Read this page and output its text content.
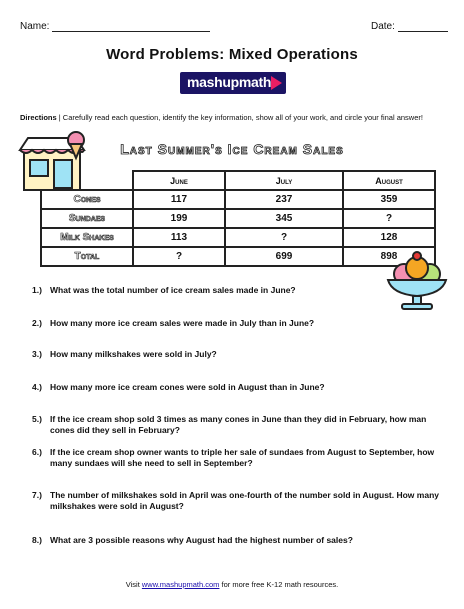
Name:	Date:
Word Problems: Mixed Operations
mashupmath
Directions | Carefully read each question, identify the key information, show all of your work, and circle your final answer!
Last Summer's Ice Cream Sales
	June	July	August
Cones	117	237	359
Sundaes	199	345	?
Milk Shakes	113	?	128
Total	?	699	898
1.) What was the total number of ice cream sales made in June?
2.) How many more ice cream sales were made in July than in June?
3.) How many milkshakes were sold in July?
4.) How many more ice cream cones were sold in August than in June?
5.) If the ice cream shop sold 3 times as many cones in June than they did in February, how man cones did they sell in February?
6.) If the ice cream shop owner wants to triple her sale of sundaes from August to September, how many sundaes will she need to sell in September?
7.) The number of milkshakes sold in April was one-fourth of the number sold in August. How many milkshakes were sold in August?
8.) What are 3 possible reasons why August had the highest number of sales?
Visit www.mashupmath.com for more free K-12 math resources.
